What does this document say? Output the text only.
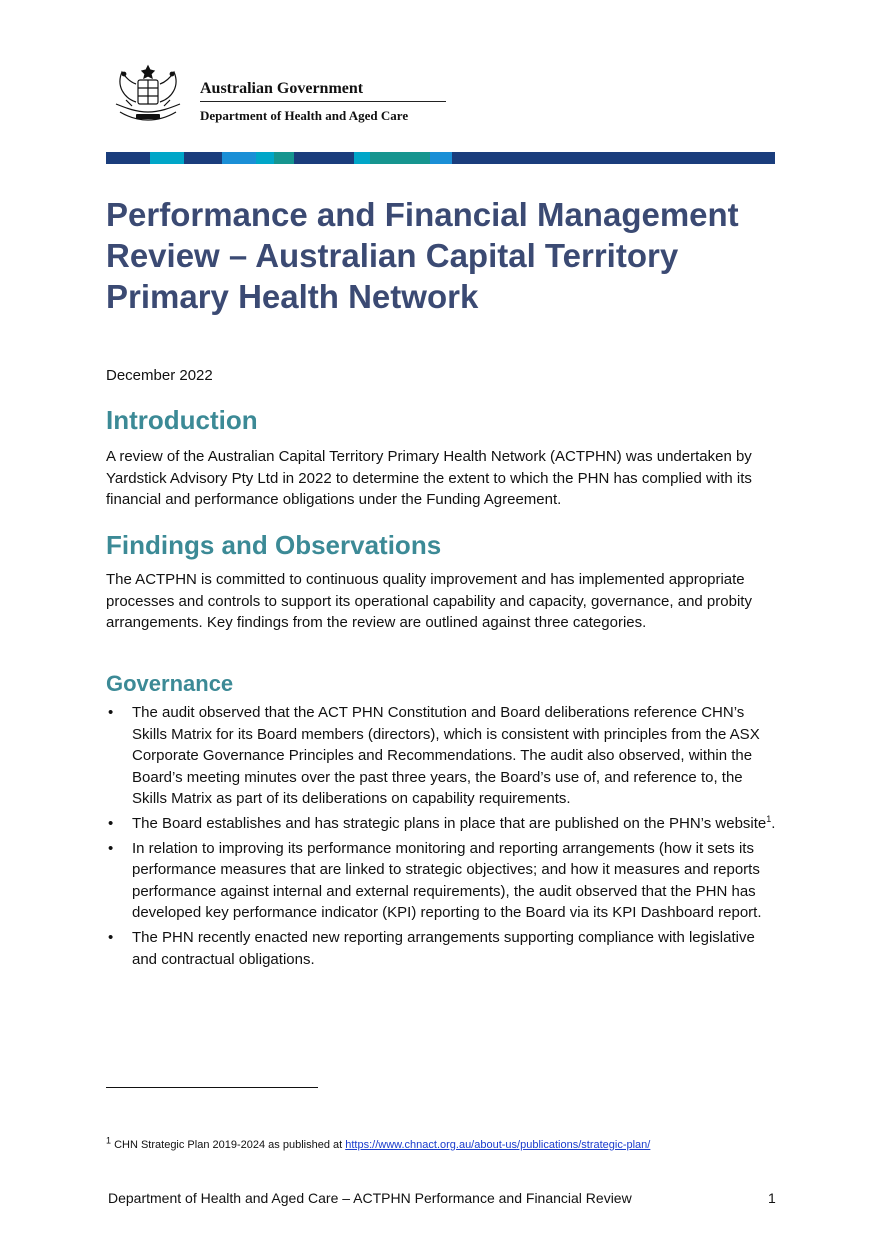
Australian Government
Department of Health and Aged Care
Performance and Financial Management Review – Australian Capital Territory Primary Health Network
December 2022
Introduction

A review of the Australian Capital Territory Primary Health Network (ACTPHN) was undertaken by Yardstick Advisory Pty Ltd in 2022 to determine the extent to which the PHN has complied with its financial and performance obligations under the Funding Agreement.

Findings and Observations

The ACTPHN is committed to continuous quality improvement and has implemented appropriate processes and controls to support its operational capability and capacity, governance, and probity arrangements. Key findings from the review are outlined against three categories.

Governance
• The audit observed that the ACT PHN Constitution and Board deliberations reference CHN’s Skills Matrix for its Board members (directors), which is consistent with principles from the ASX Corporate Governance Principles and Recommendations. The audit also observed, within the Board’s meeting minutes over the past three years, the Board’s use of, and reference to, the Skills Matrix as part of its deliberations on capability requirements.
• The Board establishes and has strategic plans in place that are published on the PHN’s website$^1$.
• In relation to improving its performance monitoring and reporting arrangements (how it sets its performance measures that are linked to strategic objectives; and how it measures and reports performance against internal and external requirements), the audit observed that the PHN has developed key performance indicator (KPI) reporting to the Board via its KPI Dashboard report.
• The PHN recently enacted new reporting arrangements supporting compliance with legislative and contractual obligations.
$^1$ CHN Strategic Plan 2019-2024 as published at https://www.chnact.org.au/about-us/publications/strategic-plan/
Department of Health and Aged Care – ACTPHN Performance and Financial Review	1
